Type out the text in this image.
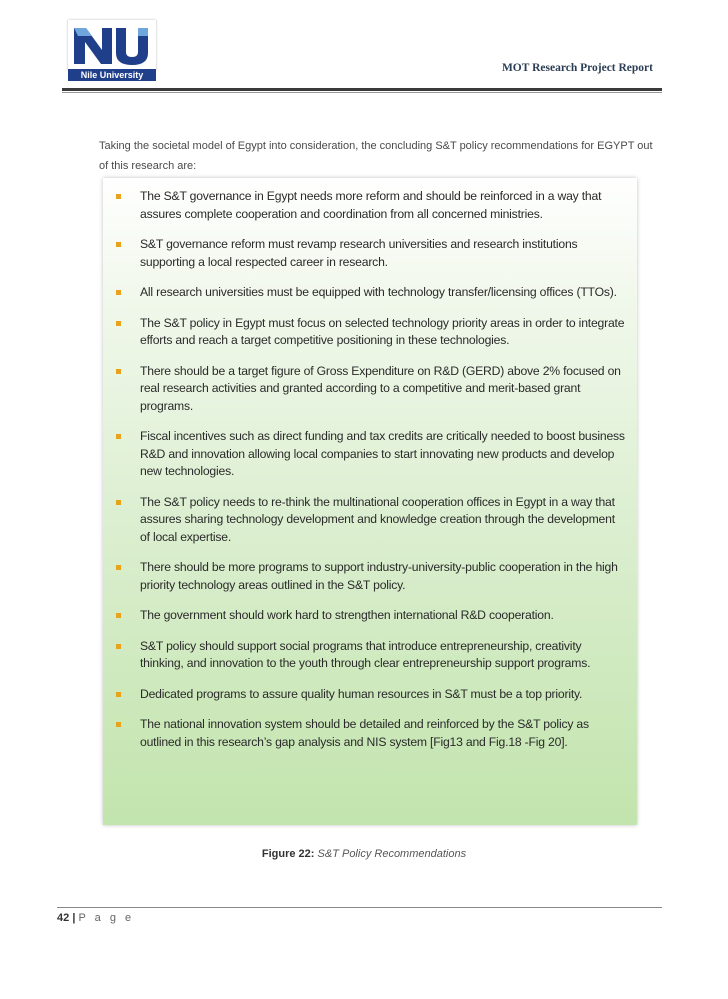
Nile University
MOT Research Project Report

Taking the societal model of Egypt into consideration, the concluding S&T policy recommendations for EGYPT out of this research are:

The S&T governance in Egypt needs more reform and should be reinforced in a way that assures complete cooperation and coordination from all concerned ministries.
S&T governance reform must revamp research universities and research institutions supporting a local respected career in research.
All research universities must be equipped with technology transfer/licensing offices (TTOs).
The S&T policy in Egypt must focus on selected technology priority areas in order to integrate efforts and reach a target competitive positioning in these technologies.
There should be a target figure of Gross Expenditure on R&D (GERD) above 2% focused on real research activities and granted according to a competitive and merit-based grant programs.
Fiscal incentives such as direct funding and tax credits are critically needed to boost business R&D and innovation allowing local companies to start innovating new products and develop new technologies.
The S&T policy needs to re-think the multinational cooperation offices in Egypt in a way that assures sharing technology development and knowledge creation through the development of local expertise.
There should be more programs to support industry-university-public cooperation in the high priority technology areas outlined in the S&T policy.
The government should work hard to strengthen international R&D cooperation.
S&T policy should support social programs that introduce entrepreneurship, creativity thinking, and innovation to the youth through clear entrepreneurship support programs.
Dedicated programs to assure quality human resources in S&T must be a top priority.
The national innovation system should be detailed and reinforced by the S&T policy as outlined in this research’s gap analysis and NIS system [Fig13 and Fig.18 -Fig 20].
Figure 22: S&T Policy Recommendations
42 | P a g e
